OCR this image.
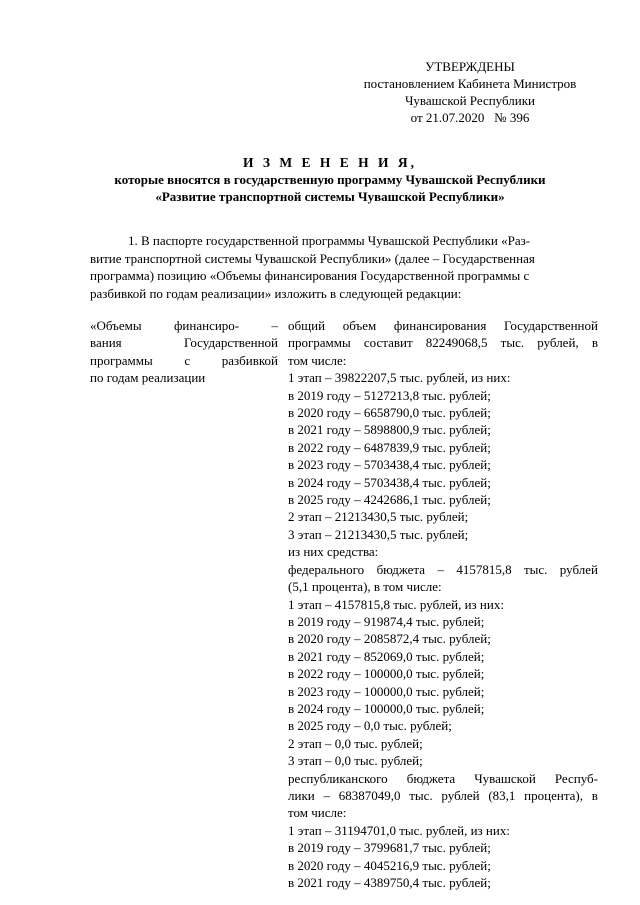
УТВЕРЖДЕНЫ
постановлением Кабинета Министров
Чувашской Республики
от 21.07.2020   № 396
И З М Е Н Е Н И Я,
которые вносятся в государственную программу Чувашской Республики
«Развитие транспортной системы Чувашской Республики»
1. В паспорте государственной программы Чувашской Республики «Раз-
витие транспортной системы Чувашской Республики» (далее – Государственная
программа) позицию «Объемы финансирования Государственной программы с
разбивкой по годам реализации» изложить в следующей редакции:
«Объемы финансиро- –
вания	Государственной
программы с разбивкой
по годам реализации
общий объем финансирования Государственной
программы составит 82249068,5 тыс. рублей, в
том числе:
1 этап – 39822207,5 тыс. рублей, из них:
в 2019 году – 5127213,8 тыс. рублей;
в 2020 году – 6658790,0 тыс. рублей;
в 2021 году – 5898800,9 тыс. рублей;
в 2022 году – 6487839,9 тыс. рублей;
в 2023 году – 5703438,4 тыс. рублей;
в 2024 году – 5703438,4 тыс. рублей;
в 2025 году – 4242686,1 тыс. рублей;
2 этап – 21213430,5 тыс. рублей;
3 этап – 21213430,5 тыс. рублей;
из них средства:
федерального бюджета – 4157815,8 тыс. рублей
(5,1 процента), в том числе:
1 этап – 4157815,8 тыс. рублей, из них:
в 2019 году – 919874,4 тыс. рублей;
в 2020 году – 2085872,4 тыс. рублей;
в 2021 году – 852069,0 тыс. рублей;
в 2022 году – 100000,0 тыс. рублей;
в 2023 году – 100000,0 тыс. рублей;
в 2024 году – 100000,0 тыс. рублей;
в 2025 году – 0,0 тыс. рублей;
2 этап – 0,0 тыс. рублей;
3 этап – 0,0 тыс. рублей;
республиканского бюджета Чувашской Респуб-
лики – 68387049,0 тыс. рублей (83,1 процента), в
том числе:
1 этап – 31194701,0 тыс. рублей, из них:
в 2019 году – 3799681,7 тыс. рублей;
в 2020 году – 4045216,9 тыс. рублей;
в 2021 году – 4389750,4 тыс. рублей;
